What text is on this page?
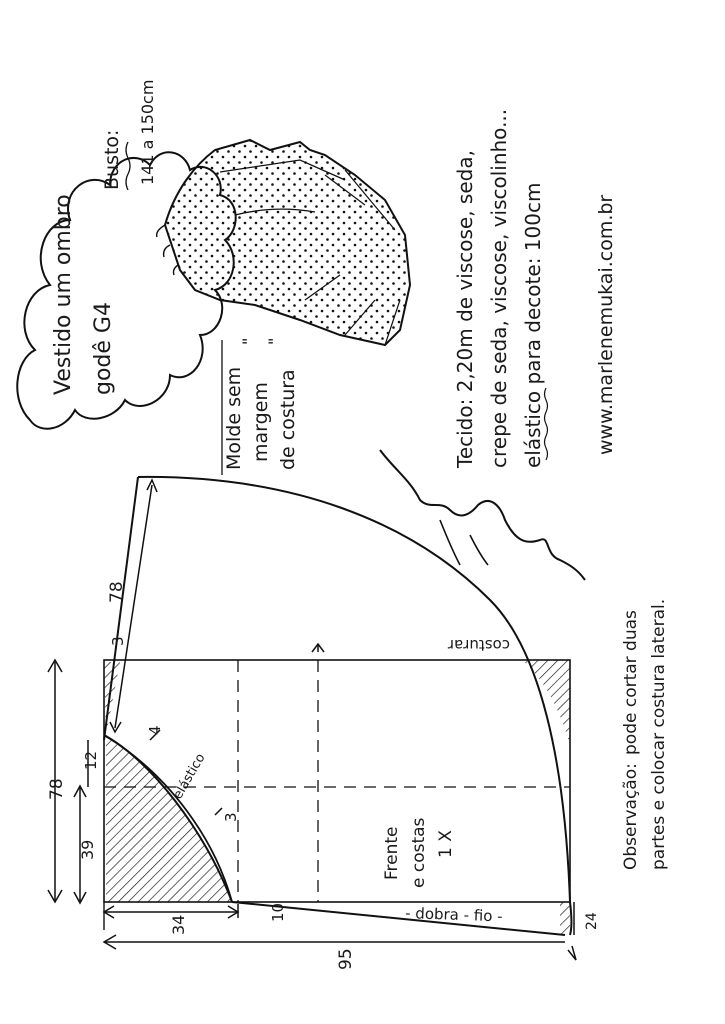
Vestido um ombro godê G4
Busto: 141 a 150cm
Molde sem margem de costura
" "	Tecido: 2,20m de viscose, seda, crepe de seda, viscose, viscolinho... elástico para decote: 100cm	www.marlenemukai.com.br
78
3
78
39
12
4
3
elástico
34
10
95
24
costurar
- dobra - fio -
Frente e costas 1 X	Observação:
pode cortar duas partes e colocar costura lateral.
